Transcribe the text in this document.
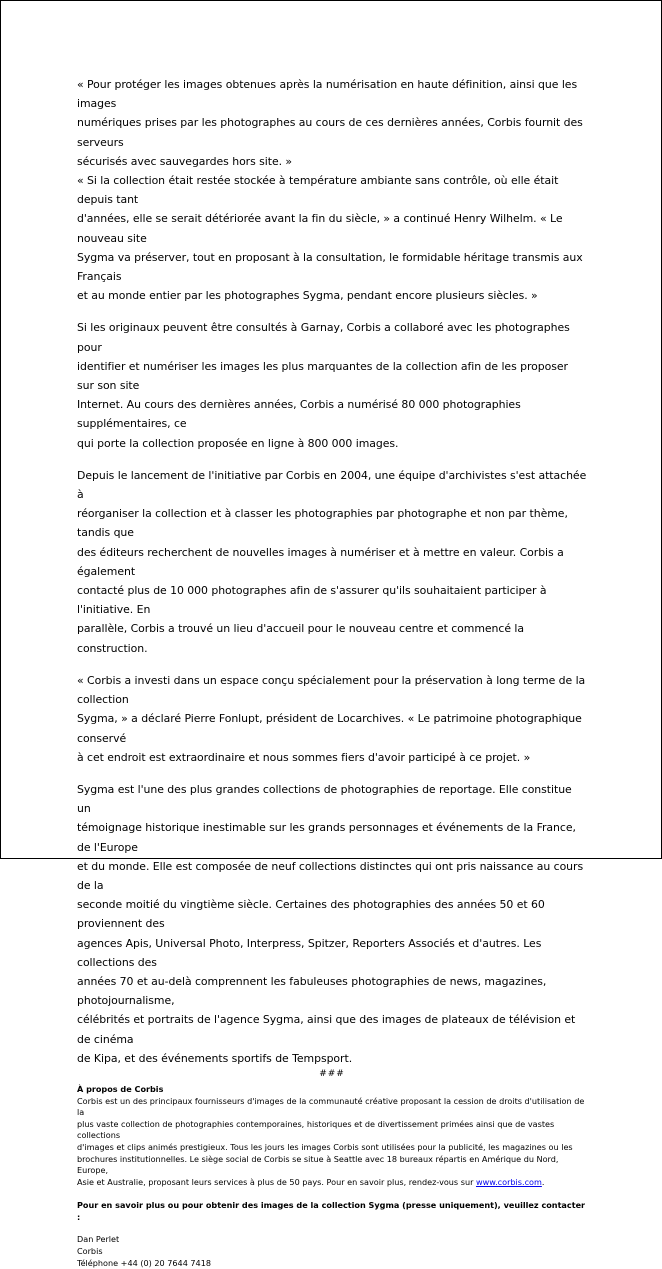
« Pour protéger les images obtenues après la numérisation en haute définition, ainsi que les images
numériques prises par les photographes au cours de ces dernières années, Corbis fournit des serveurs
sécurisés avec sauvegardes hors site. »
« Si la collection était restée stockée à température ambiante sans contrôle, où elle était depuis tant
d'années, elle se serait détériorée avant la fin du siècle, » a continué Henry Wilhelm. « Le nouveau site
Sygma va préserver, tout en proposant à la consultation, le formidable héritage transmis aux Français
et au monde entier par les photographes Sygma, pendant encore plusieurs siècles. »

Si les originaux peuvent être consultés à Garnay, Corbis a collaboré avec les photographes pour
identifier et numériser les images les plus marquantes de la collection afin de les proposer sur son site
Internet. Au cours des dernières années, Corbis a numérisé 80 000 photographies supplémentaires, ce
qui porte la collection proposée en ligne à 800 000 images.

Depuis le lancement de l'initiative par Corbis en 2004, une équipe d'archivistes s'est attachée à
réorganiser la collection et à classer les photographies par photographe et non par thème, tandis que
des éditeurs recherchent de nouvelles images à numériser et à mettre en valeur. Corbis a également
contacté plus de 10 000 photographes afin de s'assurer qu'ils souhaitaient participer à l'initiative. En
parallèle, Corbis a trouvé un lieu d'accueil pour le nouveau centre et commencé la construction.

« Corbis a investi dans un espace conçu spécialement pour la préservation à long terme de la collection
Sygma, » a déclaré Pierre Fonlupt, président de Locarchives. « Le patrimoine photographique conservé
à cet endroit est extraordinaire et nous sommes fiers d'avoir participé à ce projet. »

Sygma est l'une des plus grandes collections de photographies de reportage. Elle constitue un
témoignage historique inestimable sur les grands personnages et événements de la France, de l'Europe
et du monde. Elle est composée de neuf collections distinctes qui ont pris naissance au cours de la
seconde moitié du vingtième siècle. Certaines des photographies des années 50 et 60 proviennent des
agences Apis, Universal Photo, Interpress, Spitzer, Reporters Associés et d'autres. Les collections des
années 70 et au-delà comprennent les fabuleuses photographies de news, magazines, photojournalisme,
célébrités et portraits de l'agence Sygma, ainsi que des images de plateaux de télévision et de cinéma
de Kipa, et des événements sportifs de Tempsport.

###

À propos de Corbis

Corbis est un des principaux fournisseurs d'images de la communauté créative proposant la cession de droits d'utilisation de la
plus vaste collection de photographies contemporaines, historiques et de divertissement primées ainsi que de vastes collections
d'images et clips animés prestigieux. Tous les jours les images Corbis sont utilisées pour la publicité, les magazines ou les
brochures institutionnelles. Le siège social de Corbis se situe à Seattle avec 18 bureaux répartis en Amérique du Nord, Europe,
Asie et Australie, proposant leurs services à plus de 50 pays. Pour en savoir plus, rendez-vous sur www.corbis.com.

Pour en savoir plus ou pour obtenir des images de la collection Sygma (presse uniquement), veuillez contacter :

Dan Perlet
Corbis
Téléphone +44 (0) 20 7644 7418
